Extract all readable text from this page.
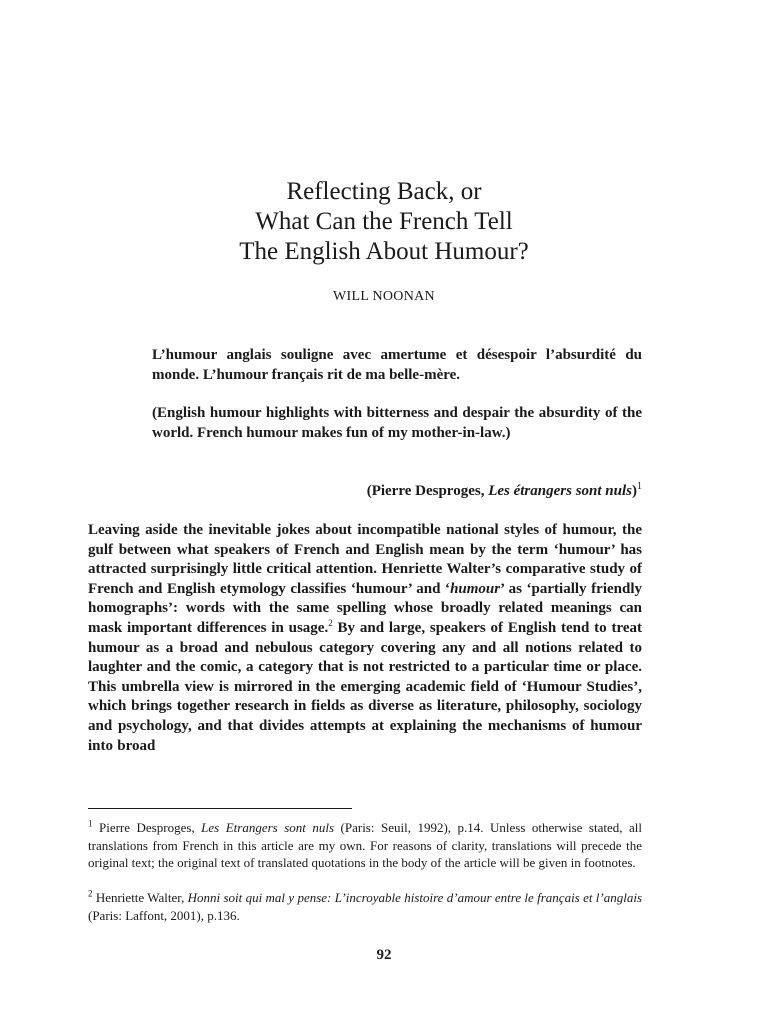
Reflecting Back, or
What Can the French Tell
The English About Humour?
WILL NOONAN
L’humour anglais souligne avec amertume et désespoir l’absurdité du monde. L’humour français rit de ma belle-mère.
(English humour highlights with bitterness and despair the absurdity of the world. French humour makes fun of my mother-in-law.)
(Pierre Desproges, Les étrangers sont nuls)$^1$
Leaving aside the inevitable jokes about incompatible national styles of humour, the gulf between what speakers of French and English mean by the term ‘humour’ has attracted surprisingly little critical attention. Henriette Walter’s comparative study of French and English etymology classifies ‘humour’ and ‘humour’ as ‘partially friendly homographs’: words with the same spelling whose broadly related meanings can mask important differences in usage.$^2$ By and large, speakers of English tend to treat humour as a broad and nebulous category covering any and all notions related to laughter and the comic, a category that is not restricted to a particular time or place. This umbrella view is mirrored in the emerging academic field of ‘Humour Studies’, which brings together research in fields as diverse as literature, philosophy, sociology and psychology, and that divides attempts at explaining the mechanisms of humour into broad
$^1$ Pierre Desproges, Les Etrangers sont nuls (Paris: Seuil, 1992), p.14. Unless otherwise stated, all translations from French in this article are my own. For reasons of clarity, translations will precede the original text; the original text of translated quotations in the body of the article will be given in footnotes.
$^2$ Henriette Walter, Honni soit qui mal y pense: L’incroyable histoire d’amour entre le français et l’anglais (Paris: Laffont, 2001), p.136.
92
